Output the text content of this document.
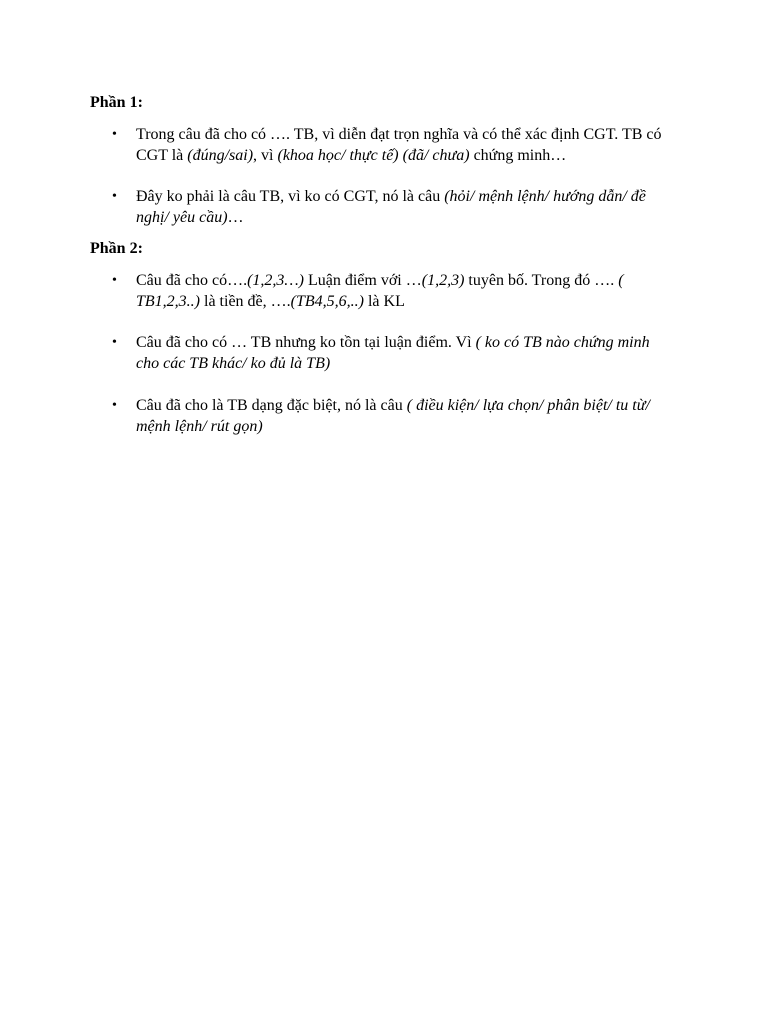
Phần 1:
•	Trong câu đã cho có …. TB, vì diễn đạt trọn nghĩa và có thể xác định CGT. TB có CGT là (đúng/sai), vì (khoa học/ thực tế) (đã/ chưa) chứng minh…
•	Đây ko phải là câu TB, vì ko có CGT, nó là câu (hỏi/ mệnh lệnh/ hướng dẫn/ đề nghị/ yêu cầu)…
Phần 2:
•	Câu đã cho có….(1,2,3…) Luận điểm với …(1,2,3) tuyên bố. Trong đó …. ( TB1,2,3..) là tiền đề, ….(TB4,5,6,..) là KL
•	Câu đã cho có … TB nhưng ko tồn tại luận điểm. Vì ( ko có TB nào chứng minh cho các TB khác/ ko đủ là TB)
•	Câu đã cho là TB dạng đặc biệt, nó là câu ( điều kiện/ lựa chọn/ phân biệt/ tu từ/ mệnh lệnh/ rút gọn)
